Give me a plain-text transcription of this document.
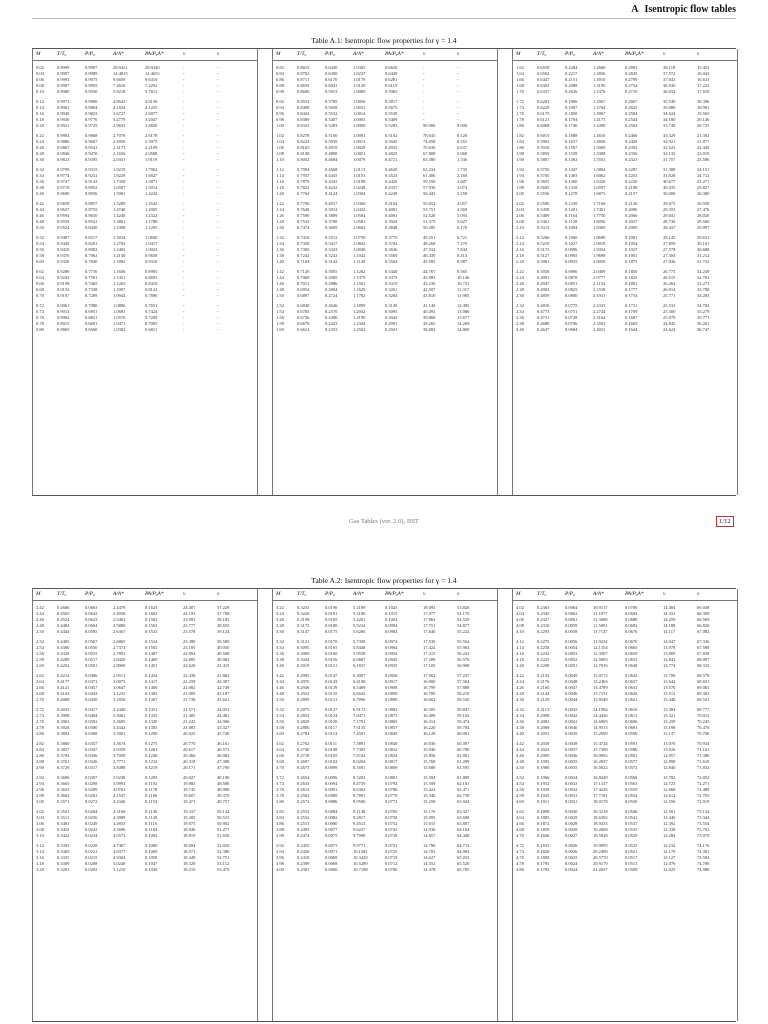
A Isentropic flow tables
Table A.1: Isentropic flow properties for γ = 1.4
M	T/T₀	P/P₀	A/A*	PA/P₀A*	ν	ν
0.02	0.9999	0.9997	28.9421	28.9340	-	-
0.04	0.9997	0.9989	14.4815	14.4653	-	-
0.06	0.9993	0.9975	9.6659	9.6416	-	-
0.08	0.9987	0.9955	7.2616	7.2292	-	-
0.10	0.9980	0.9930	5.8218	5.7813	-	-
0.12	0.9971	0.9900	4.8643	4.8156	-	-
0.14	0.9961	0.9864	4.1824	4.1255	-	-
0.16	0.9949	0.9823	3.6727	3.6077	-	-
0.18	0.9936	0.9776	3.2779	3.2047	-	-
0.20	0.9921	0.9725	2.9635	2.8820	-	-
0.22	0.9904	0.9668	2.7076	2.6178	-	-
0.24	0.9886	0.9607	2.4956	2.3975	-	-
0.26	0.9867	0.9541	2.3173	2.2109	-	-
0.28	0.9846	0.9470	2.1656	2.0508	-	-
0.30	0.9823	0.9395	2.0351	1.9119	-	-
0.32	0.9799	0.9315	1.9219	1.7902	-	-
0.34	0.9774	0.9231	1.8229	1.6827	-	-
0.36	0.9747	0.9143	1.7358	1.5871	-	-
0.38	0.9719	0.9052	1.6587	1.5014	-	-
0.40	0.9690	0.8956	1.5901	1.4242	-	-
0.42	0.9659	0.8857	1.5289	1.3542	-	-
0.44	0.9627	0.8755	1.4740	1.2905	-	-
0.46	0.9594	0.8650	1.4246	1.2322	-	-
0.48	0.9559	0.8541	1.3801	1.1788	-	-
0.50	0.9524	0.8430	1.3398	1.1295	-	-
0.52	0.9487	0.8317	1.3034	1.0840	-	-
0.54	0.9449	0.8201	1.2703	1.0417	-	-
0.56	0.9410	0.8082	1.2403	1.0024	-	-
0.58	0.9370	0.7962	1.2130	0.9658	-	-
0.60	0.9328	0.7840	1.1882	0.9316	-	-
0.62	0.9286	0.7716	1.1656	0.8995	-	-
0.64	0.9243	0.7591	1.1451	0.8693	-	-
0.66	0.9199	0.7465	1.1265	0.8410	-	-
0.68	0.9153	0.7338	1.1097	0.8142	-	-
0.70	0.9107	0.7209	1.0944	0.7890	-	-
0.72	0.9061	0.7080	1.0806	0.7651	-	-
0.74	0.9013	0.6951	1.0681	0.7424	-	-
0.76	0.8964	0.6821	1.0570	0.7209	-	-
0.78	0.8915	0.6691	1.0471	0.7005	-	-
0.80	0.8865	0.6560	1.0382	0.6811	-	-
M	T/T₀	P/P₀	A/A*	PA/P₀A*	ν	ν
0.82	0.8815	0.6430	1.0305	0.6626	-	-
0.84	0.8763	0.6300	1.0237	0.6449	-	-
0.86	0.8711	0.6170	1.0179	0.6281	-	-
0.88	0.8659	0.6041	1.0129	0.6119	-	-
0.90	0.8606	0.5913	1.0089	0.5965	-	-
0.92	0.8552	0.5785	1.0056	0.5817	-	-
0.94	0.8498	0.5658	1.0031	0.5675	-	-
0.96	0.8444	0.5532	1.0014	0.5539	-	-
0.98	0.8389	0.5407	1.0003	0.5409	-	-
1.00	0.8333	0.5283	1.0000	0.5283	90.000	0.000
1.02	0.8278	0.5160	1.0003	0.5162	78.635	0.126
1.04	0.8222	0.5039	1.0013	0.5045	74.058	0.351
1.06	0.8165	0.4919	1.0029	0.4933	70.630	0.637
1.08	0.8108	0.4800	1.0051	0.4825	67.808	0.968
1.10	0.8052	0.4684	1.0079	0.4721	65.380	1.336
1.12	0.7994	0.4568	1.0113	0.4620	63.234	1.735
1.14	0.7937	0.4455	1.0153	0.4523	61.306	2.160
1.16	0.7879	0.4343	1.0198	0.4429	59.550	2.607
1.18	0.7822	0.4232	1.0248	0.4337	57.936	3.074
1.20	0.7764	0.4124	1.0304	0.4249	56.443	3.558
1.22	0.7706	0.4017	1.0366	0.4164	55.052	4.057
1.24	0.7648	0.3912	1.0432	0.4081	53.751	4.569
1.26	0.7590	0.3809	1.0504	0.4001	52.528	5.093
1.28	0.7532	0.3708	1.0581	0.3924	51.375	5.627
1.30	0.7474	0.3609	1.0663	0.3848	50.285	6.170
1.32	0.7416	0.3512	1.0750	0.3775	49.251	6.721
1.34	0.7358	0.3417	1.0842	0.3704	48.268	7.279
1.36	0.7300	0.3323	1.0940	0.3636	47.332	7.844
1.38	0.7242	0.3232	1.1042	0.3569	46.439	8.413
1.40	0.7184	0.3142	1.1149	0.3504	45.585	8.987
1.42	0.7126	0.3055	1.1262	0.3440	44.767	9.565
1.44	0.7069	0.2969	1.1379	0.3379	43.983	10.146
1.46	0.7011	0.2886	1.1501	0.3319	43.230	10.731
1.48	0.6954	0.2804	1.1629	0.3261	42.507	11.317
1.50	0.6897	0.2724	1.1762	0.3204	41.810	11.905
1.52	0.6840	0.2646	1.1899	0.3149	41.140	12.495
1.54	0.6783	0.2570	1.2042	0.3095	40.493	13.086
1.56	0.6726	0.2496	1.2190	0.3042	39.868	13.677
1.58	0.6670	0.2423	1.2344	0.2991	39.265	14.269
1.60	0.6614	0.2353	1.2502	0.2941	38.682	14.860
M	T/T₀	P/P₀	A/A*	PA/P₀A*	ν	ν
1.62	0.6558	0.2284	1.2666	0.2893	38.118	15.452
1.64	0.6502	0.2217	1.2836	0.2845	37.572	16.043
1.66	0.6447	0.2151	1.3010	0.2799	37.043	16.633
1.68	0.6392	0.2088	1.3190	0.2754	36.530	17.222
1.70	0.6337	0.2026	1.3376	0.2710	36.032	17.810
1.72	0.6283	0.1966	1.3567	0.2667	35.549	18.396
1.74	0.6229	0.1907	1.3764	0.2625	35.080	18.981
1.76	0.6175	0.1850	1.3967	0.2584	34.624	19.565
1.78	0.6121	0.1794	1.4175	0.2544	34.180	20.146
1.80	0.6068	0.1740	1.4390	0.2504	33.749	20.725
1.82	0.6015	0.1688	1.4610	0.2466	33.329	21.302
1.84	0.5963	0.1637	1.4836	0.2429	32.921	21.877
1.86	0.5910	0.1587	1.5069	0.2392	32.523	22.449
1.88	0.5859	0.1539	1.5308	0.2356	32.135	23.019
1.90	0.5807	0.1492	1.5553	0.2321	31.757	23.586
1.92	0.5756	0.1447	1.5804	0.2287	31.388	24.151
1.94	0.5705	0.1403	1.6062	0.2253	31.028	24.712
1.96	0.5655	0.1360	1.6326	0.2220	30.677	25.271
1.98	0.5605	0.1318	1.6597	0.2188	30.335	25.827
2.00	0.5556	0.1278	1.6875	0.2157	30.000	26.380
2.02	0.5506	0.1239	1.7160	0.2126	29.673	26.930
2.04	0.5458	0.1201	1.7451	0.2096	29.353	27.476
2.06	0.5409	0.1164	1.7750	0.2066	29.041	28.020
2.08	0.5361	0.1128	1.8056	0.2037	28.736	28.560
2.10	0.5313	0.1094	1.8369	0.2009	28.437	29.097
2.12	0.5266	0.1060	1.8690	0.1981	28.145	29.631
2.14	0.5219	0.1027	1.9018	0.1954	27.859	30.161
2.16	0.5173	0.0996	1.9354	0.1927	27.578	30.688
2.18	0.5127	0.0965	1.9698	0.1901	27.304	31.212
2.20	0.5081	0.0935	2.0050	0.1875	27.036	31.732
2.22	0.5036	0.0906	2.0409	0.1850	26.773	32.249
2.24	0.4991	0.0878	2.0777	0.1825	26.515	32.763
2.26	0.4947	0.0851	2.1153	0.1801	26.262	33.273
2.28	0.4903	0.0825	2.1538	0.1777	26.014	33.780
2.30	0.4859	0.0800	2.1931	0.1754	25.771	34.283
2.32	0.4816	0.0775	2.2333	0.1731	25.533	34.782
2.34	0.4773	0.0751	2.2744	0.1709	25.300	35.279
2.36	0.4731	0.0728	2.3164	0.1687	25.070	35.771
2.38	0.4688	0.0706	2.3593	0.1665	24.845	36.261
2.40	0.4647	0.0684	2.4031	0.1644	24.624	36.747
Gas Tables (ver. 2.0), IIST	1/12
Table A.2: Isentropic flow properties for γ = 1.4
M	T/T₀	P/P₀	A/A*	PA/P₀A*	ν	ν
2.42	0.4606	0.0663	2.4479	0.1623	24.407	37.229
2.44	0.4565	0.0643	2.4936	0.1602	24.193	37.708
2.46	0.4524	0.0623	2.5403	0.1582	23.983	38.183
2.48	0.4484	0.0604	2.5880	0.1563	23.777	38.655
2.50	0.4444	0.0585	2.6367	0.1543	23.578	39.124
2.52	0.4405	0.0567	2.6865	0.1524	23.380	39.589
2.54	0.4366	0.0550	2.7372	0.1505	23.185	40.050
2.56	0.4328	0.0533	2.7891	0.1487	22.994	40.508
2.58	0.4289	0.0517	2.8420	0.1469	22.805	40.963
2.60	0.4252	0.0501	2.8960	0.1451	22.620	41.415
2.62	0.4214	0.0486	2.9511	0.1434	22.438	41.863
2.64	0.4177	0.0471	3.0073	0.1417	22.259	42.307
2.66	0.4141	0.0457	3.0647	0.1400	22.082	42.749
2.68	0.4104	0.0443	3.1233	0.1383	21.909	43.187
2.70	0.4068	0.0430	3.1830	0.1367	21.738	43.621
2.72	0.4033	0.0417	3.2440	0.1351	21.571	44.053
2.74	0.3998	0.0404	3.3061	0.1335	21.405	44.481
2.76	0.3963	0.0392	3.3695	0.1320	21.243	44.906
2.78	0.3928	0.0380	3.4342	0.1305	21.083	45.327
2.80	0.3894	0.0368	3.5001	0.1290	20.925	45.746
2.82	0.3860	0.0357	3.5674	0.1275	20.770	46.161
2.84	0.3827	0.0347	3.6359	0.1261	20.617	46.573
2.86	0.3794	0.0336	3.7058	0.1246	20.466	46.982
2.88	0.3761	0.0326	3.7771	0.1232	20.318	47.388
2.90	0.3729	0.0317	3.8498	0.1219	20.171	47.790
2.92	0.3696	0.0307	3.9238	0.1205	20.027	48.190
2.94	0.3665	0.0298	3.9993	0.1192	19.885	48.586
2.96	0.3633	0.0289	4.0763	0.1178	19.745	48.980
2.98	0.3602	0.0281	4.1547	0.1166	19.607	49.370
3.00	0.3571	0.0272	4.2346	0.1153	19.471	49.757
3.02	0.3541	0.0264	4.3160	0.1140	19.337	50.142
3.04	0.3511	0.0256	4.3989	0.1128	19.205	50.523
3.06	0.3481	0.0249	4.4835	0.1116	19.075	50.902
3.08	0.3452	0.0242	4.5696	0.1104	18.946	51.277
3.10	0.3422	0.0234	4.6573	0.1092	18.819	51.650
3.12	0.3393	0.0228	4.7467	0.1080	18.694	52.020
3.14	0.3365	0.0221	4.8377	0.1069	18.571	52.386
3.16	0.3337	0.0215	4.9304	0.1058	18.449	52.751
3.18	0.3309	0.0208	5.0248	0.1047	18.329	53.112
3.20	0.3281	0.0202	5.1210	0.1036	18.210	53.470
M	T/T₀	P/P₀	A/A*	PA/P₀A*	ν	ν
3.22	0.3253	0.0196	5.2189	0.1025	18.093	53.826
3.24	0.3226	0.0191	5.3186	0.1015	17.977	54.179
3.26	0.3199	0.0185	5.4201	0.1004	17.863	54.529
3.28	0.3173	0.0180	5.5234	0.0994	17.751	54.877
3.30	0.3147	0.0175	5.6286	0.0984	17.640	55.222
3.32	0.3121	0.0170	5.7358	0.0974	17.530	55.564
3.34	0.3095	0.0165	5.8448	0.0964	17.422	55.904
3.36	0.3069	0.0160	5.9558	0.0954	17.315	56.241
3.38	0.3044	0.0156	6.0687	0.0945	17.209	56.576
3.40	0.3019	0.0151	6.1837	0.0935	17.105	56.908
3.42	0.2995	0.0147	6.3007	0.0926	17.002	57.237
3.44	0.2970	0.0143	6.4198	0.0917	16.900	57.564
3.46	0.2946	0.0139	6.5409	0.0908	16.799	57.888
3.48	0.2922	0.0135	6.6642	0.0899	16.700	58.210
3.50	0.2899	0.0131	6.7896	0.0890	16.602	58.530
3.52	0.2875	0.0127	6.9172	0.0882	16.505	58.847
3.54	0.2852	0.0124	7.0471	0.0873	16.409	59.162
3.56	0.2829	0.0120	7.1791	0.0865	16.314	59.474
3.58	0.2806	0.0117	7.3135	0.0857	16.220	59.784
3.60	0.2784	0.0114	7.4501	0.0849	16.128	60.091
3.62	0.2762	0.0111	7.5891	0.0840	16.036	60.397
3.64	0.2740	0.0108	7.7305	0.0832	15.946	60.700
3.66	0.2718	0.0105	7.8742	0.0824	15.856	61.001
3.68	0.2697	0.0102	8.0204	0.0817	15.768	61.299
3.70	0.2675	0.0099	8.1691	0.0809	15.680	61.595
3.72	0.2654	0.0096	8.3202	0.0801	15.594	61.889
3.74	0.2633	0.0094	8.4739	0.0794	15.508	62.181
3.76	0.2613	0.0091	8.6302	0.0786	15.424	62.471
3.78	0.2592	0.0089	8.7891	0.0779	15.340	62.758
3.80	0.2572	0.0086	8.9506	0.0772	15.258	63.044
3.82	0.2552	0.0084	9.1148	0.0765	15.176	63.327
3.84	0.2532	0.0082	9.2817	0.0758	15.095	63.608
3.86	0.2513	0.0080	9.4513	0.0752	15.015	63.887
3.88	0.2493	0.0077	9.6237	0.0745	14.936	64.164
3.90	0.2474	0.0075	9.7990	0.0738	14.857	64.440
3.92	0.2455	0.0073	9.9771	0.0731	14.780	64.713
3.94	0.2436	0.0071	10.1581	0.0725	14.703	64.984
3.96	0.2418	0.0069	10.3420	0.0719	14.627	65.253
3.98	0.2399	0.0068	10.5289	0.0712	14.552	65.520
4.00	0.2381	0.0066	10.7188	0.0706	14.478	65.785
M	T/T₀	P/P₀	A/A*	PA/P₀A*	ν	ν
4.02	0.2363	0.0064	10.9117	0.0700	14.404	66.048
4.04	0.2345	0.0062	11.1077	0.0694	14.331	66.309
4.06	0.2327	0.0061	11.3068	0.0688	14.259	66.569
4.08	0.2310	0.0059	11.5091	0.0682	14.188	66.826
4.10	0.2293	0.0058	11.7147	0.0676	14.117	67.082
4.12	0.2275	0.0056	11.9234	0.0670	14.047	67.336
4.14	0.2258	0.0054	12.1354	0.0665	13.978	67.588
4.16	0.2242	0.0053	12.3507	0.0659	13.909	67.838
4.18	0.2225	0.0052	12.5693	0.0653	13.841	68.087
4.20	0.2208	0.0051	12.7916	0.0648	13.774	68.333
4.22	0.2192	0.0049	13.0172	0.0642	13.706	68.578
4.24	0.2176	0.0048	13.2463	0.0637	13.642	68.821
4.26	0.2160	0.0047	13.4789	0.0631	13.576	69.063
4.28	0.2144	0.0046	13.7151	0.0626	13.512	69.303
4.30	0.2129	0.0044	13.9549	0.0621	13.448	69.541
4.32	0.2113	0.0043	14.1984	0.0616	13.384	69.777
4.34	0.2098	0.0042	14.4456	0.0611	13.321	70.012
4.36	0.2083	0.0041	14.6965	0.0606	13.259	70.245
4.38	0.2068	0.0040	14.9513	0.0601	13.198	70.476
4.40	0.2053	0.0039	15.2099	0.0596	13.137	70.706
4.42	0.2038	0.0038	15.4724	0.0591	13.076	70.934
4.44	0.2023	0.0037	15.7388	0.0586	13.016	71.161
4.46	0.2009	0.0036	16.0092	0.0581	12.957	71.386
4.48	0.1995	0.0035	16.2837	0.0577	12.898	71.610
4.50	0.1980	0.0035	16.5622	0.0572	12.840	71.832
4.52	0.1966	0.0034	16.8449	0.0568	12.782	72.052
4.54	0.1952	0.0033	17.1317	0.0563	12.725	72.271
4.56	0.1939	0.0032	17.4226	0.0559	12.668	72.489
4.58	0.1925	0.0031	17.7181	0.0554	12.612	72.705
4.60	0.1911	0.0031	18.0178	0.0550	12.556	72.919
4.62	0.1898	0.0030	18.3218	0.0546	12.501	73.132
4.64	0.1885	0.0029	18.6302	0.0541	12.446	73.344
4.66	0.1872	0.0028	18.9433	0.0537	12.392	73.554
4.68	0.1859	0.0028	19.2608	0.0533	12.338	73.763
4.70	0.1846	0.0027	19.5828	0.0529	12.284	73.970
4.72	0.1833	0.0026	19.9095	0.0525	12.232	74.176
4.74	0.1820	0.0026	20.2409	0.0521	12.179	74.381
4.76	0.1808	0.0025	20.5770	0.0517	12.127	74.584
4.78	0.1795	0.0024	20.9179	0.0513	12.076	74.786
4.80	0.1783	0.0024	21.2637	0.0509	12.025	74.986
